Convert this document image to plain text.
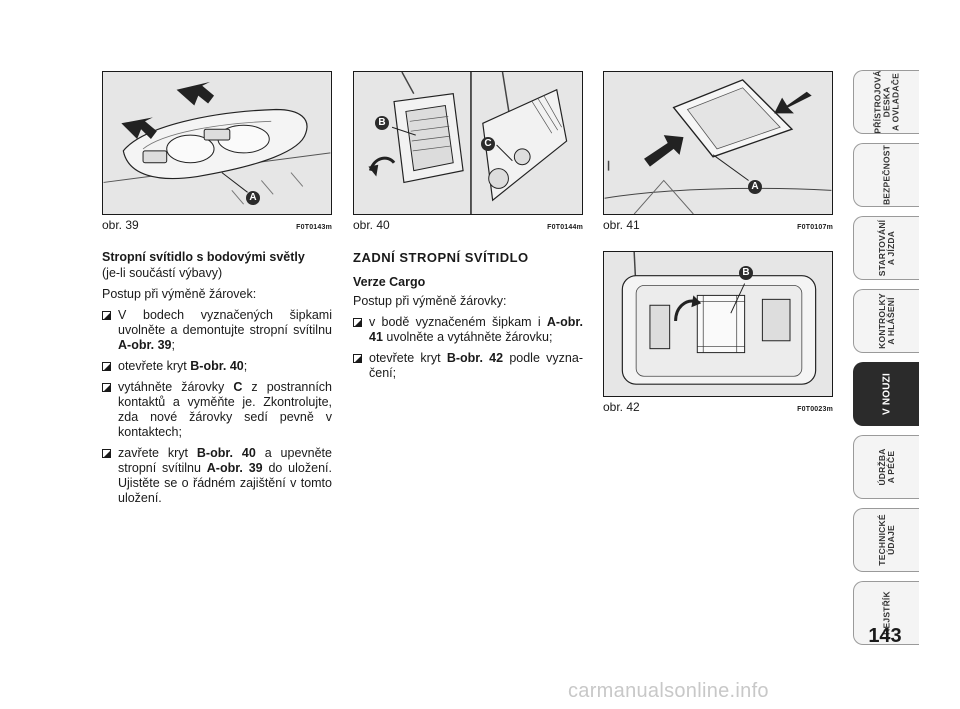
A
obr. 39	F0T0143m
B
C
obr. 40	F0T0144m
A
obr. 41	F0T0107m
B
obr. 42	F0T0023m

Stropní svítidlo s bodovými světly

(je-li součástí výbavy)

Postup při výměně žárovek:

V bodech vyznačených šipkami uvolněte a demontujte stropní svítilnu A-obr. 39;
otevřete kryt B-obr. 40;
vytáhněte žárovky C z postranních kontaktů a vyměňte je. Zkontrolujte, zda nové žárovky sedí pevně v kontaktech;
zavřete kryt B-obr. 40 a upevněte stropní svítilnu A-obr. 39 do uložení. Ujistěte se o řádném zajištění v tomto uložení.

ZADNÍ STROPNÍ SVÍTIDLO

Verze Cargo

Postup při výměně žárovky:

v bodě vyznačeném šipkam i A-obr. 41 uvolněte a vytáhněte žárovku;
otevřete kryt B-obr. 42 podle vyznačení;
PŘÍSTROJOVÁ
DESKA
A OVLADAČE
BEZPEČNOST
STARTOVÁNÍ
A JÍZDA
KONTROLKY
A HLÁŠENÍ
V NOUZI
ÚDRŽBA
A PÉČE
TECHNICKÉ
ÚDAJE
REJSTŘÍK
143
carmanualsonline.info
